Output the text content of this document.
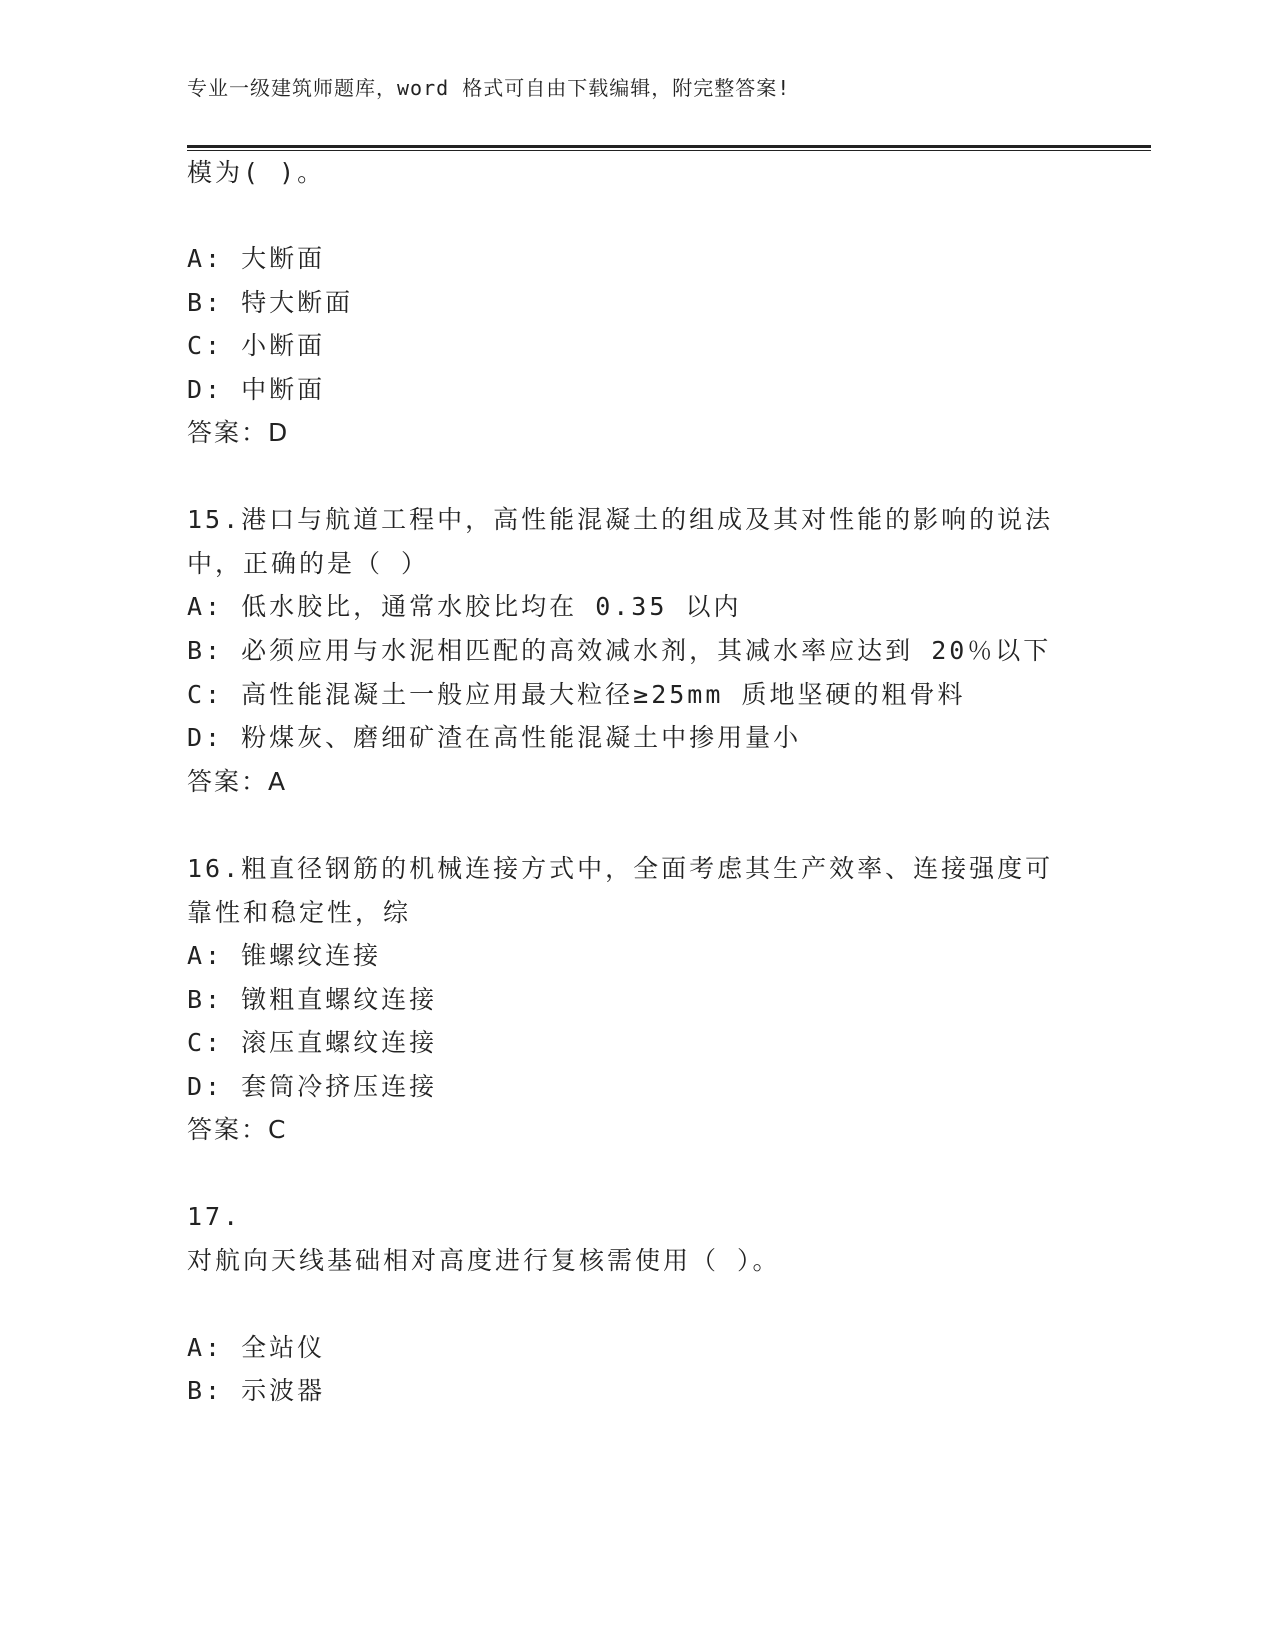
专业一级建筑师题库，word 格式可自由下载编辑，附完整答案!
模为( )。
A: 大断面
B: 特大断面
C: 小断面
D: 中断面
答案：D
15.港口与航道工程中，高性能混凝土的组成及其对性能的影响的说法
中，正确的是（ ）
A: 低水胶比，通常水胶比均在 0.35 以内
B: 必须应用与水泥相匹配的高效减水剂，其减水率应达到 20％以下
C: 高性能混凝土一般应用最大粒径≥25mm 质地坚硬的粗骨料
D: 粉煤灰、磨细矿渣在高性能混凝土中掺用量小
答案：A
16.粗直径钢筋的机械连接方式中，全面考虑其生产效率、连接强度可
靠性和稳定性，综
A: 锥螺纹连接
B: 镦粗直螺纹连接
C: 滚压直螺纹连接
D: 套筒冷挤压连接
答案：C
17.
对航向天线基础相对高度进行复核需使用（ ）。
A: 全站仪
B: 示波器
